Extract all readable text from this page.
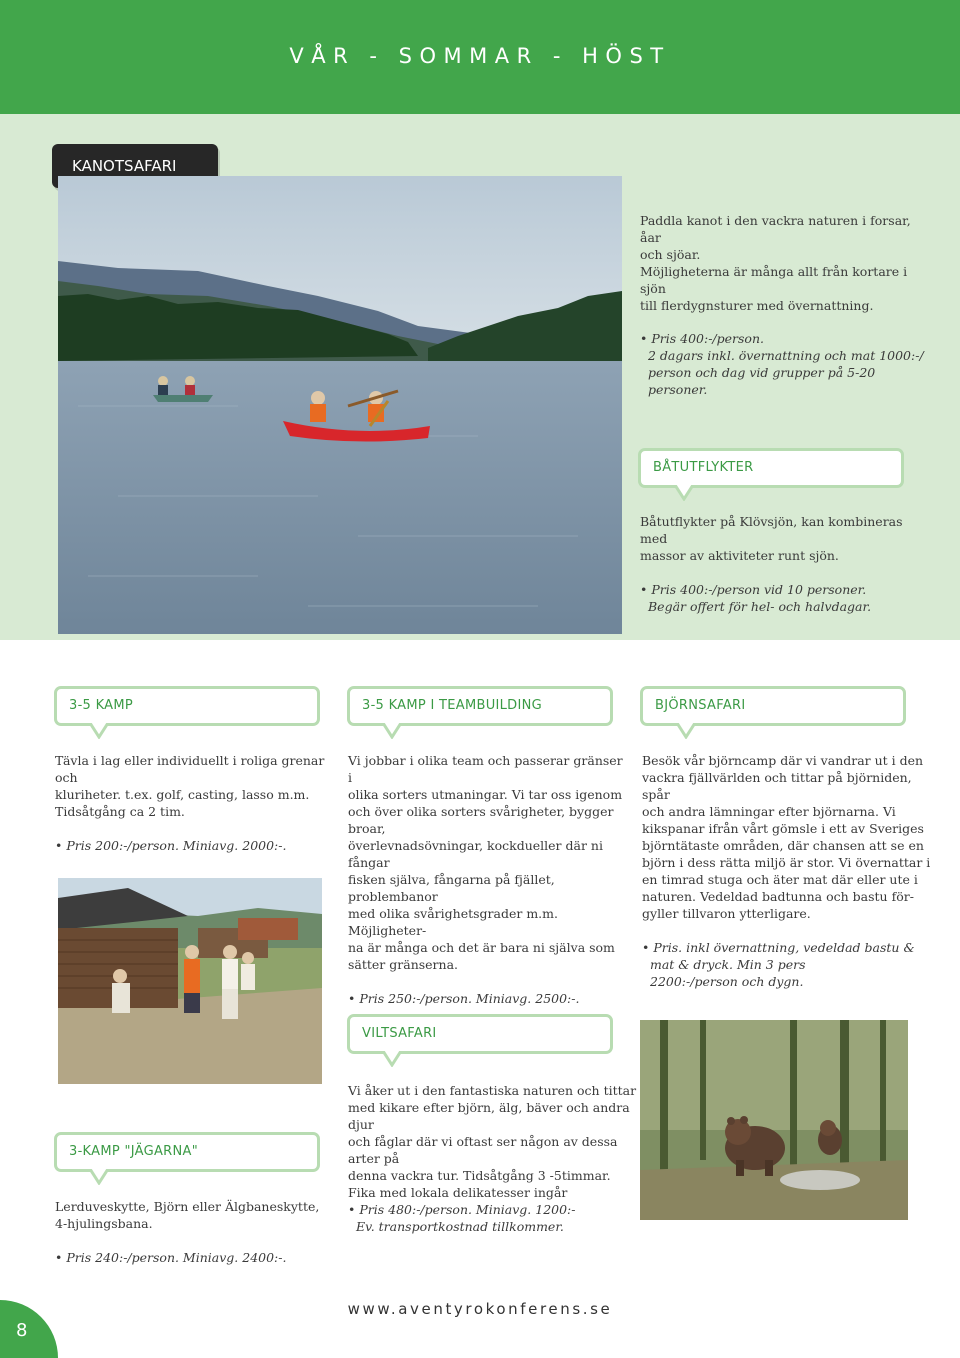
VÅR - SOMMAR - HÖST
KANOTSAFARI
Paddla kanot i den vackra naturen i forsar, åar
och sjöar.
Möjligheterna är många allt från kortare i sjön
till flerdygnsturer med övernattning.
• Pris 400:-/person.
2 dagars inkl. övernattning och mat 1000:-/
person och dag vid grupper på 5-20 personer.
BÅTUTFLYKTER
Båtutflykter på Klövsjön, kan kombineras med
massor av aktiviteter runt sjön.
• Pris 400:-/person vid 10 personer.
Begär offert för hel- och halvdagar.
3-5 KAMP
Tävla i lag eller individuellt i roliga grenar och
kluriheter. t.ex. golf, casting, lasso m.m.
Tidsåtgång ca 2 tim.
• Pris 200:-/person. Miniavg. 2000:-.
3-5 KAMP I TEAMBUILDING
Vi jobbar i olika team och passerar gränser i
olika sorters utmaningar. Vi tar oss igenom
och över olika sorters svårigheter, bygger broar,
överlevnadsövningar, kockdueller där ni fångar
fisken själva, fångarna på fjället, problembanor
med olika svårighetsgrader m.m. Möjligheter-
na är många och det är bara ni själva som
sätter gränserna.
• Pris 250:-/person. Miniavg. 2500:-.
BJÖRNSAFARI
Besök vår björncamp där vi vandrar ut i den
vackra fjällvärlden och tittar på björniden, spår
och andra lämningar efter björnarna. Vi
kikspanar ifrån vårt gömsle i ett av Sveriges
björntätaste områden, där chansen att se en
björn i dess rätta miljö är stor. Vi övernattar i
en timrad stuga och äter mat där eller ute i
naturen. Vedeldad badtunna och bastu för-
gyller tillvaron ytterligare.
• Pris. inkl övernattning, vedeldad bastu &
mat & dryck. Min 3 pers
2200:-/person och dygn.
VILTSAFARI
Vi åker ut i den fantastiska naturen och tittar
med kikare efter björn, älg, bäver och andra djur
och fåglar där vi oftast ser någon av dessa arter på
denna vackra tur. Tidsåtgång 3 -5timmar.
Fika med lokala delikatesser ingår
• Pris 480:-/person. Miniavg. 1200:-
Ev. transportkostnad tillkommer.
3-KAMP "JÄGARNA"
Lerduveskytte, Björn eller Älgbaneskytte,
4-hjulingsbana.
• Pris 240:-/person. Miniavg. 2400:-.
8
www.aventyrokonferens.se
